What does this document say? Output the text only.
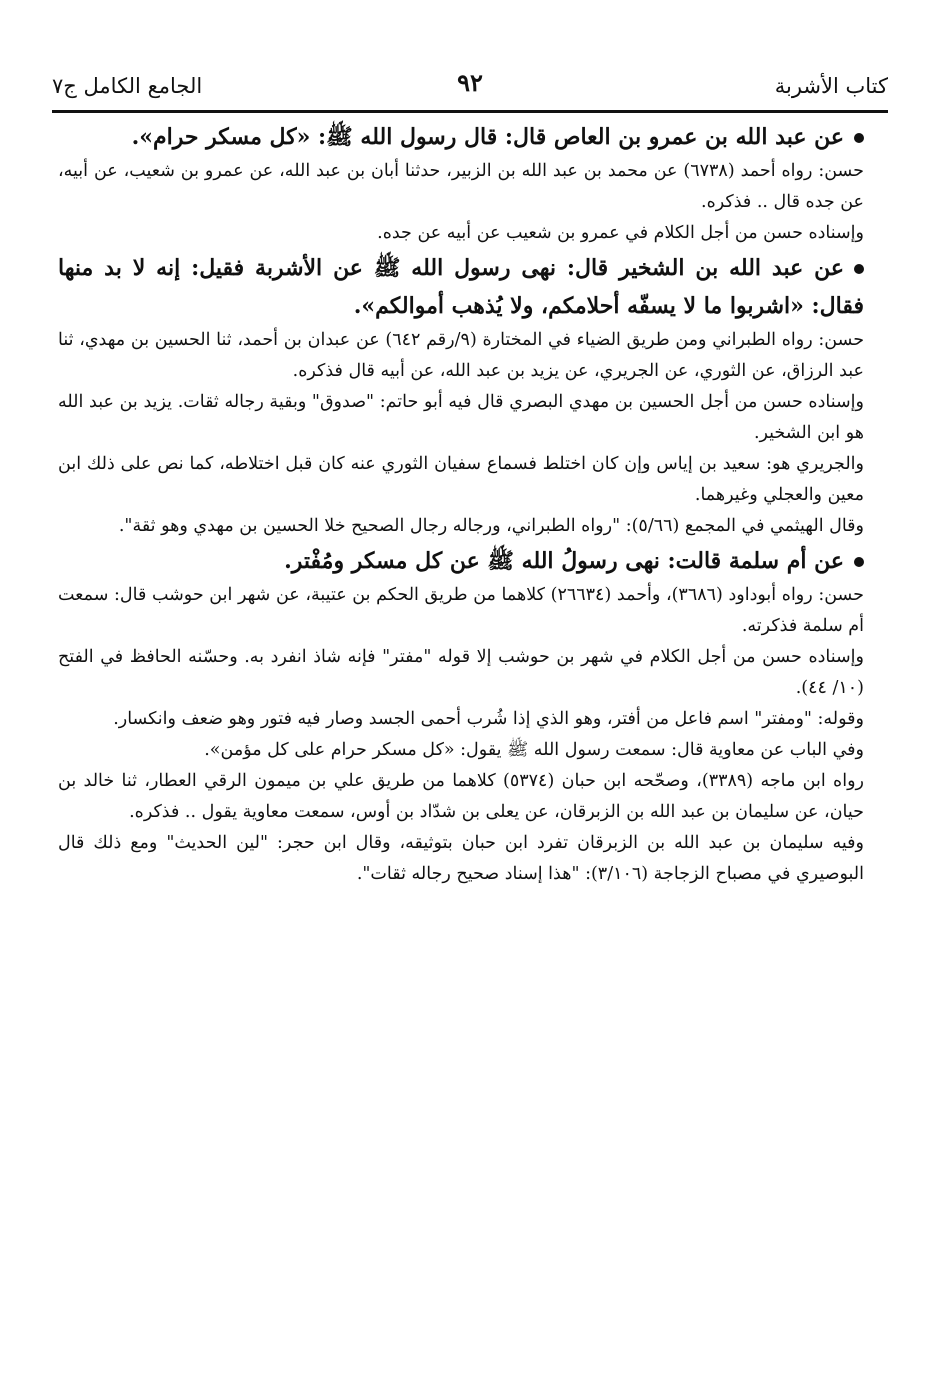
كتاب الأشربة
٩٢
الجامع الكامل ج٧

عن عبد الله بن عمرو بن العاص قال: قال رسول الله ﷺ: «كل مسكر حرام».

حسن: رواه أحمد (٦٧٣٨) عن محمد بن عبد الله بن الزبير، حدثنا أبان بن عبد الله، عن عمرو بن شعيب، عن أبيه، عن جده قال .. فذكره.

وإسناده حسن من أجل الكلام في عمرو بن شعيب عن أبيه عن جده.

عن عبد الله بن الشخير قال: نهى رسول الله ﷺ عن الأشربة فقيل: إنه لا بد منها فقال: «اشربوا ما لا يسفّه أحلامكم، ولا يُذهب أموالكم».

حسن: رواه الطبراني ومن طريق الضياء في المختارة (٩/رقم ٦٤٢) عن عبدان بن أحمد، ثنا الحسين بن مهدي، ثنا عبد الرزاق، عن الثوري، عن الجريري، عن يزيد بن عبد الله، عن أبيه قال فذكره.

وإسناده حسن من أجل الحسين بن مهدي البصري قال فيه أبو حاتم: "صدوق" وبقية رجاله ثقات. يزيد بن عبد الله هو ابن الشخير.

والجريري هو: سعيد بن إياس وإن كان اختلط فسماع سفيان الثوري عنه كان قبل اختلاطه، كما نص على ذلك ابن معين والعجلي وغيرهما.

وقال الهيثمي في المجمع (٥/٦٦): "رواه الطبراني، ورجاله رجال الصحيح خلا الحسين بن مهدي وهو ثقة".

عن أم سلمة قالت: نهى رسولُ الله ﷺ عن كل مسكر ومُفْتر.

حسن: رواه أبوداود (٣٦٨٦)، وأحمد (٢٦٦٣٤) كلاهما من طريق الحكم بن عتيبة، عن شهر ابن حوشب قال: سمعت أم سلمة فذكرته.

وإسناده حسن من أجل الكلام في شهر بن حوشب إلا قوله "مفتر" فإنه شاذ انفرد به. وحسّنه الحافظ في الفتح (١٠/ ٤٤).

وقوله: "ومفتر" اسم فاعل من أفتر، وهو الذي إذا شُرب أحمى الجسد وصار فيه فتور وهو ضعف وانكسار.

وفي الباب عن معاوية قال: سمعت رسول الله ﷺ يقول: «كل مسكر حرام على كل مؤمن».

رواه ابن ماجه (٣٣٨٩)، وصحّحه ابن حبان (٥٣٧٤) كلاهما من طريق علي بن ميمون الرقي العطار، ثنا خالد بن حيان، عن سليمان بن عبد الله بن الزبرقان، عن يعلى بن شدّاد بن أوس، سمعت معاوية يقول .. فذكره.

وفيه سليمان بن عبد الله بن الزبرقان تفرد ابن حبان بتوثيقه، وقال ابن حجر: "لين الحديث" ومع ذلك قال البوصيري في مصباح الزجاجة (٣/١٠٦): "هذا إسناد صحيح رجاله ثقات".
